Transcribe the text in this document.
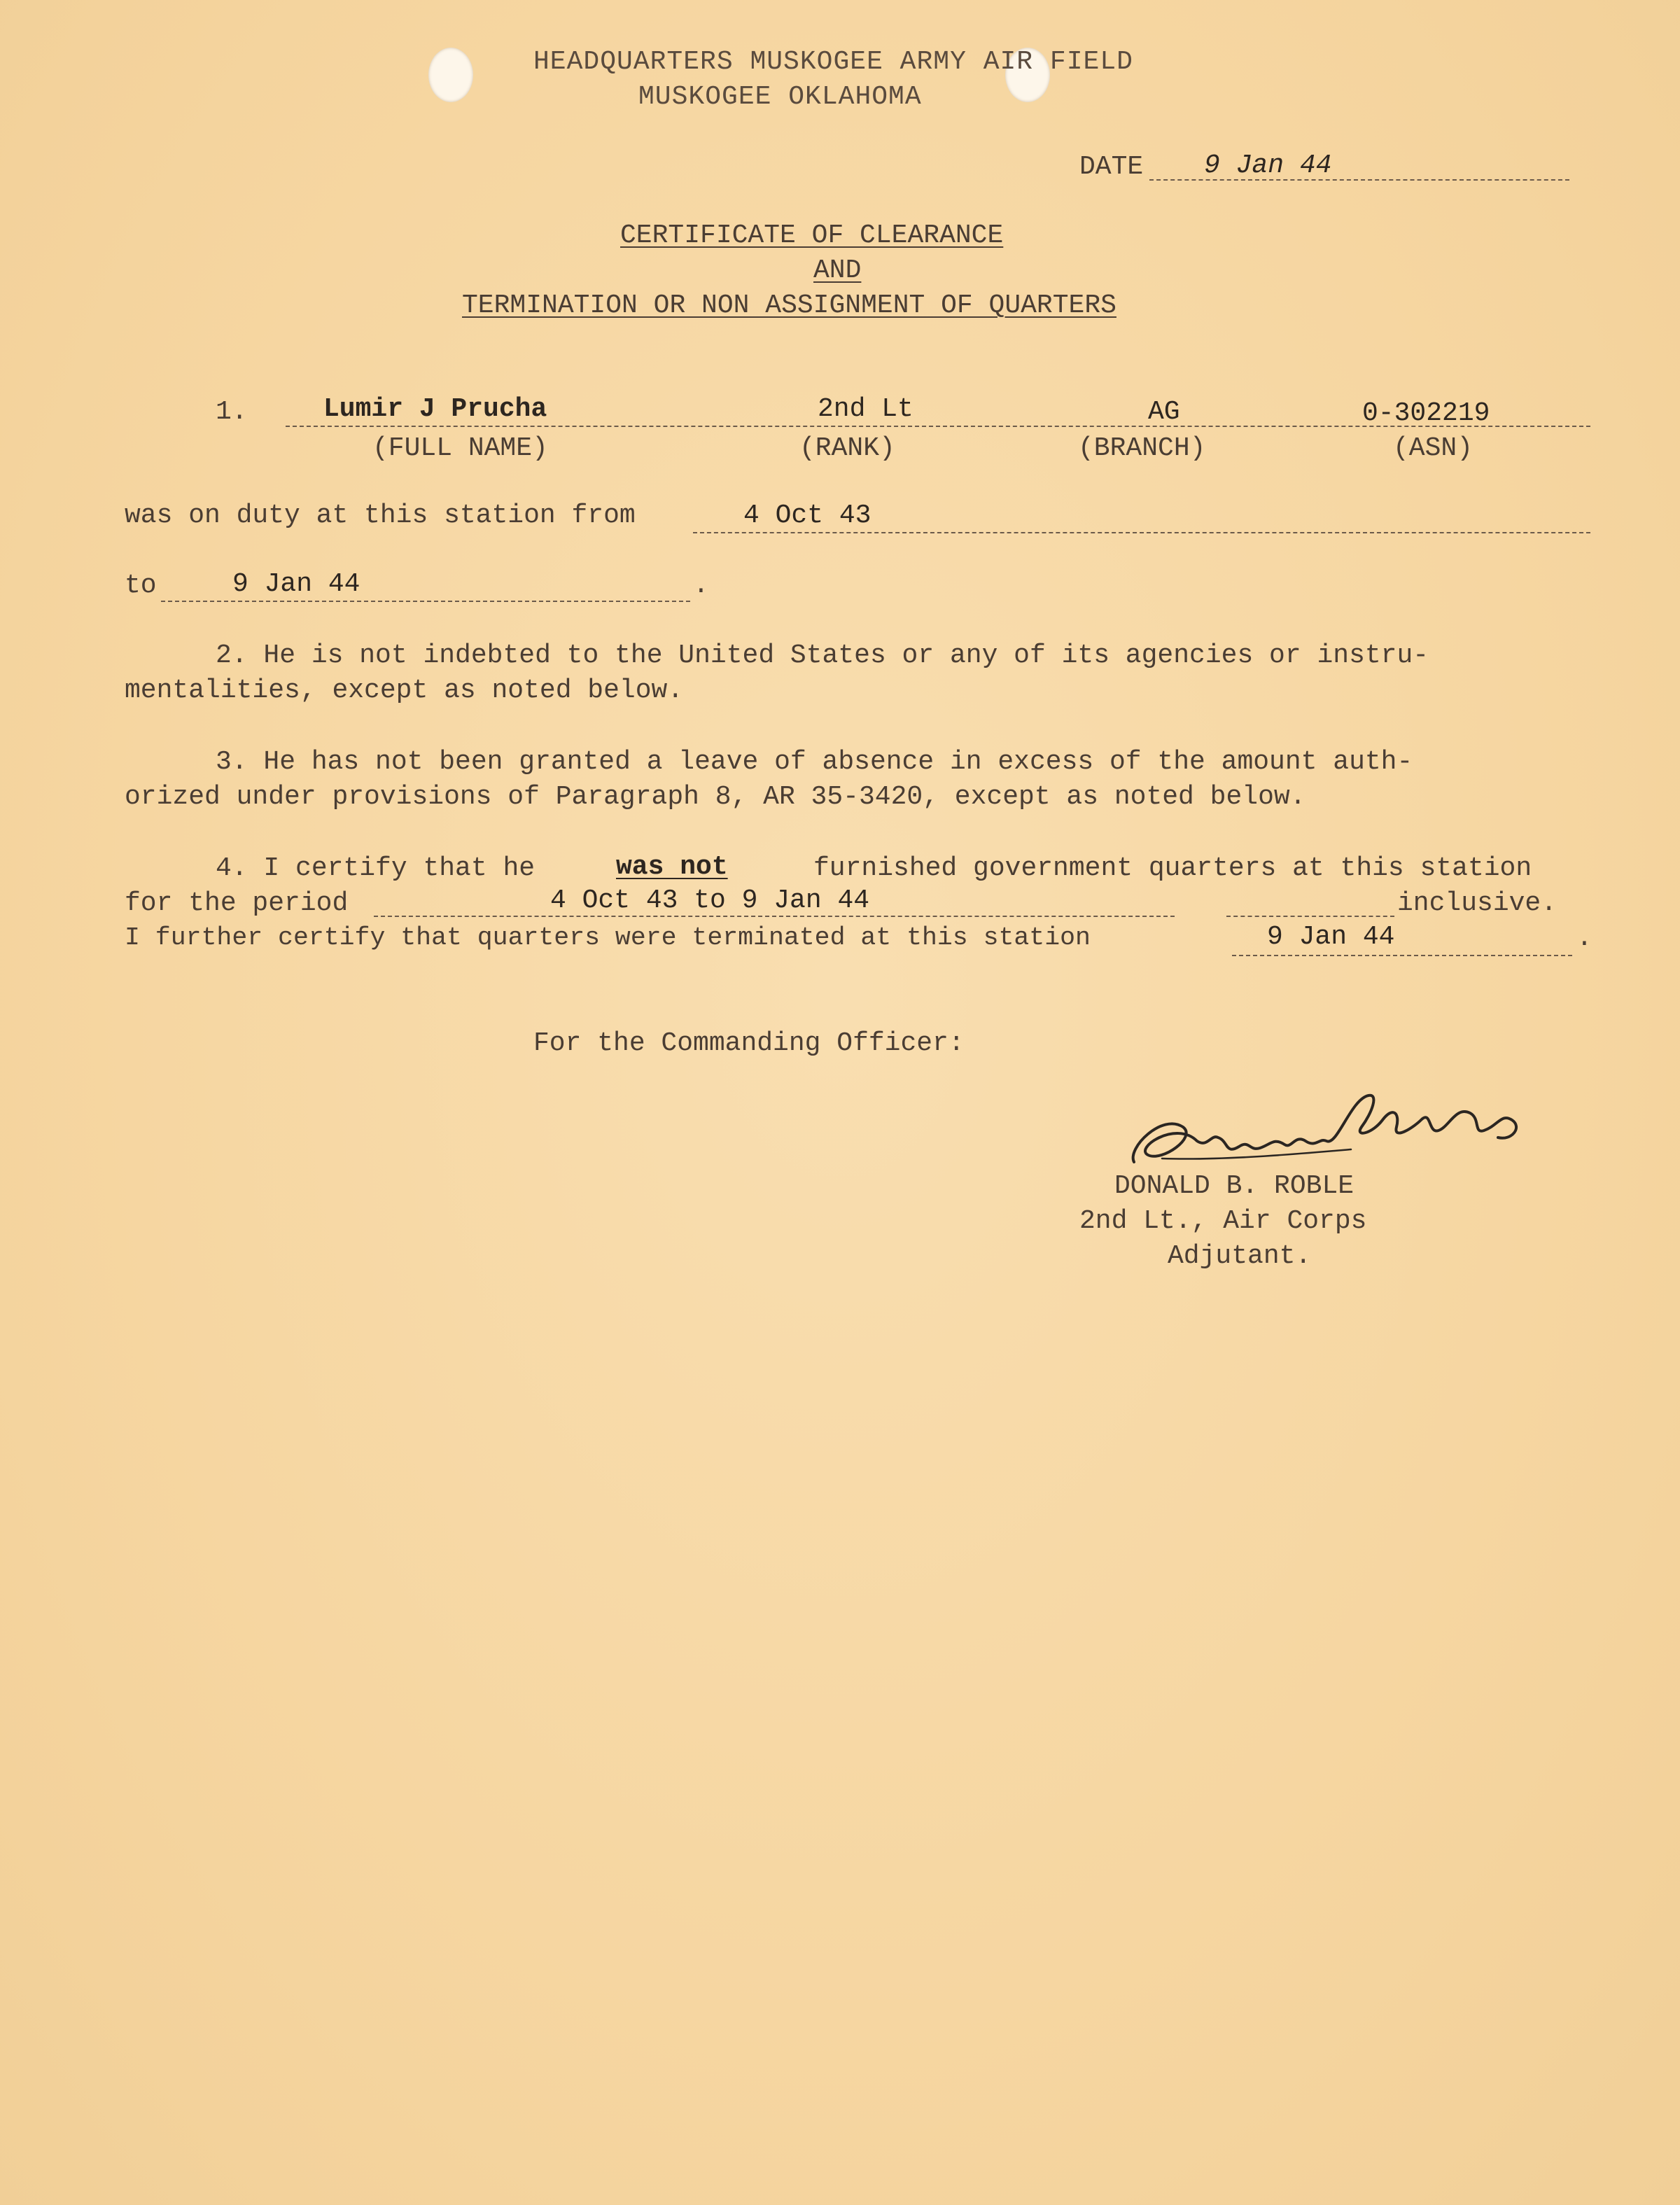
HEADQUARTERS MUSKOGEE ARMY AIR FIELD
MUSKOGEE OKLAHOMA
DATE 9 Jan 44
CERTIFICATE OF CLEARANCE
AND
TERMINATION OR NON ASSIGNMENT OF QUARTERS
1.	Lumir J Prucha	2nd Lt	AG	0-302219
(FULL NAME)	(RANK)	(BRANCH)	(ASN)
was on duty at this station from	4 Oct 43
to	9 Jan 44	.
2. He is not indebted to the United States or any of its agencies or instru-
mentalities, except as noted below.
3. He has not been granted a leave of absence in excess of the amount auth-
orized under provisions of Paragraph 8, AR 35-3420, except as noted below.
4. I certify that he	was not	furnished government quarters at this station
for the period	4 Oct 43 to 9 Jan 44	inclusive.
I further certify that quarters were terminated at this station	9 Jan 44	.
For the Commanding Officer:
DONALD B. ROBLE
2nd Lt., Air Corps
Adjutant.
